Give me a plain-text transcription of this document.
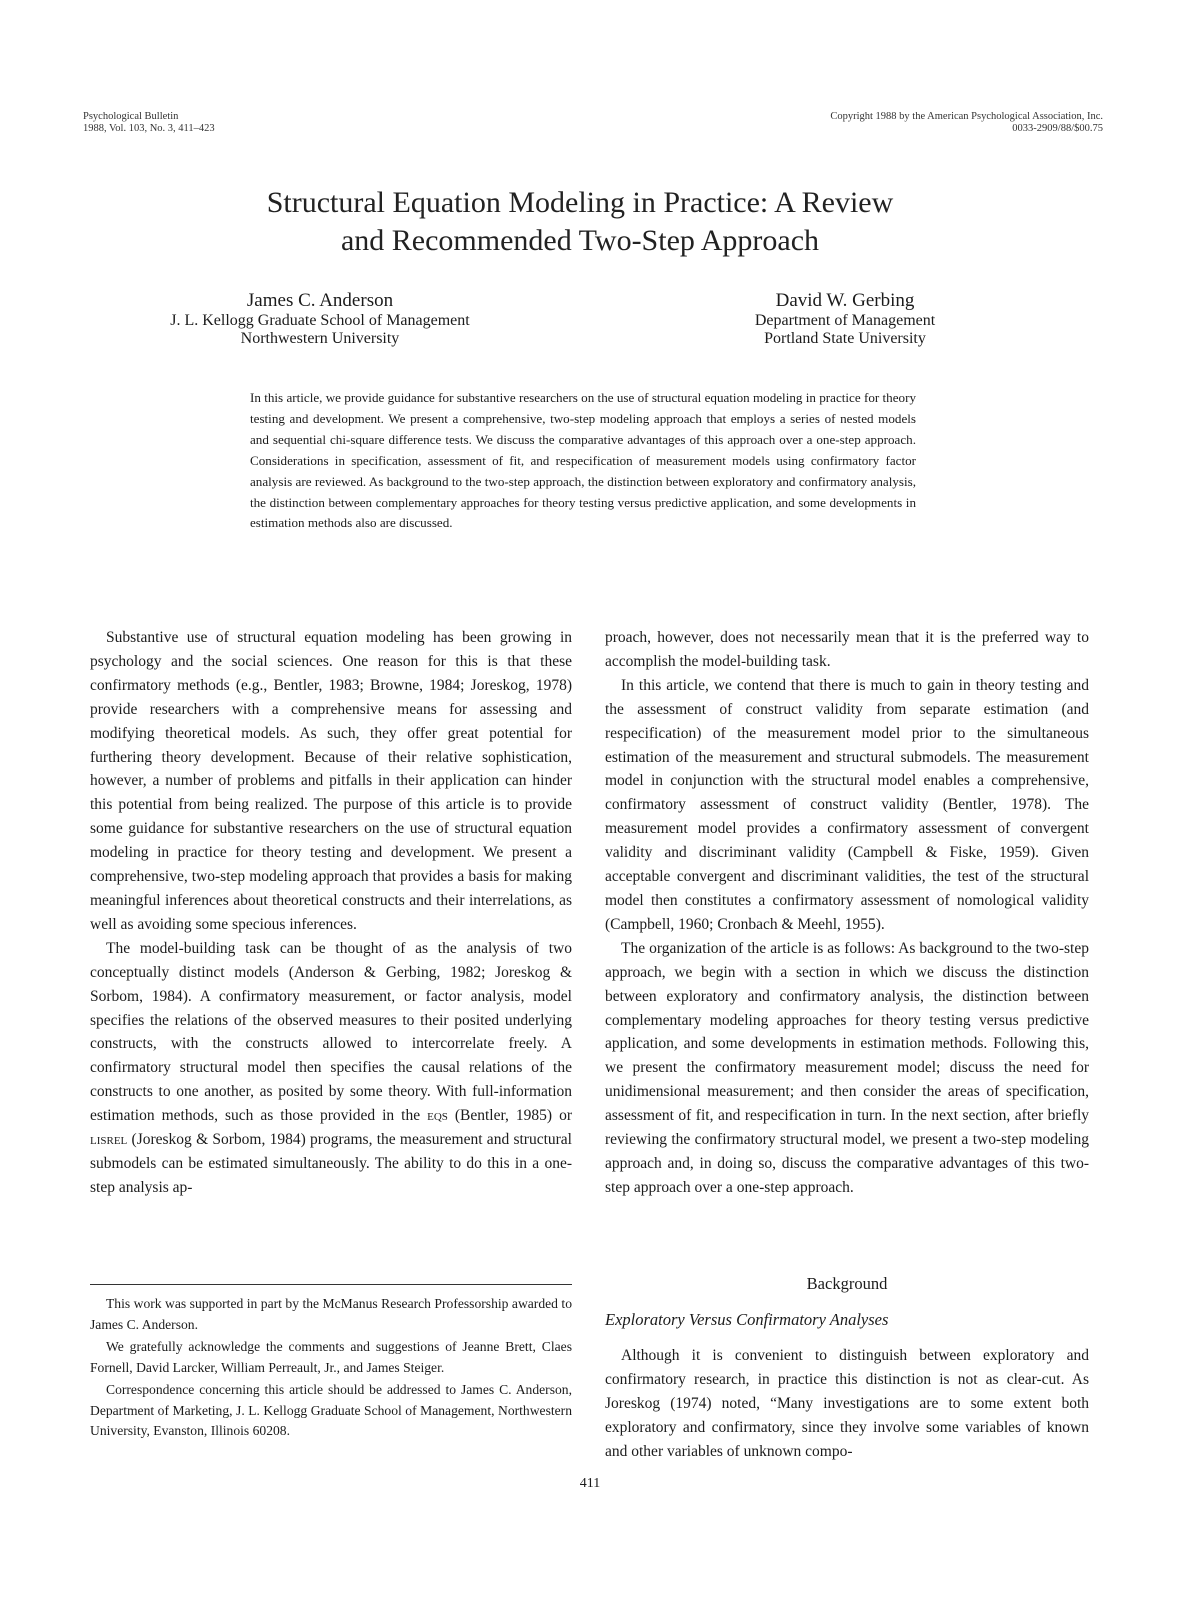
Psychological Bulletin
1988, Vol. 103, No. 3, 411–423
Copyright 1988 by the American Psychological Association, Inc.
0033-2909/88/$00.75
Structural Equation Modeling in Practice: A Review
and Recommended Two-Step Approach
James C. Anderson
J. L. Kellogg Graduate School of Management
Northwestern University
David W. Gerbing
Department of Management
Portland State University
In this article, we provide guidance for substantive researchers on the use of structural equation modeling in practice for theory testing and development. We present a comprehensive, two-step modeling approach that employs a series of nested models and sequential chi-square difference tests. We discuss the comparative advantages of this approach over a one-step approach. Considerations in specification, assessment of fit, and respecification of measurement models using confirmatory factor analysis are reviewed. As background to the two-step approach, the distinction between exploratory and confirmatory analysis, the distinction between complementary approaches for theory testing versus predictive application, and some developments in estimation methods also are discussed.

Substantive use of structural equation modeling has been growing in psychology and the social sciences. One reason for this is that these confirmatory methods (e.g., Bentler, 1983; Browne, 1984; Joreskog, 1978) provide researchers with a comprehensive means for assessing and modifying theoretical models. As such, they offer great potential for furthering theory development. Because of their relative sophistication, however, a number of problems and pitfalls in their application can hinder this potential from being realized. The purpose of this article is to provide some guidance for substantive researchers on the use of structural equation modeling in practice for theory testing and development. We present a comprehensive, two-step modeling approach that provides a basis for making meaningful inferences about theoretical constructs and their interrelations, as well as avoiding some specious inferences.

The model-building task can be thought of as the analysis of two conceptually distinct models (Anderson & Gerbing, 1982; Joreskog & Sorbom, 1984). A confirmatory measurement, or factor analysis, model specifies the relations of the observed measures to their posited underlying constructs, with the constructs allowed to intercorrelate freely. A confirmatory structural model then specifies the causal relations of the constructs to one another, as posited by some theory. With full-information estimation methods, such as those provided in the eqs (Bentler, 1985) or lisrel (Joreskog & Sorbom, 1984) programs, the measurement and structural submodels can be estimated simultaneously. The ability to do this in a one-step analysis ap-

proach, however, does not necessarily mean that it is the preferred way to accomplish the model-building task.

In this article, we contend that there is much to gain in theory testing and the assessment of construct validity from separate estimation (and respecification) of the measurement model prior to the simultaneous estimation of the measurement and structural submodels. The measurement model in conjunction with the structural model enables a comprehensive, confirmatory assessment of construct validity (Bentler, 1978). The measurement model provides a confirmatory assessment of convergent validity and discriminant validity (Campbell & Fiske, 1959). Given acceptable convergent and discriminant validities, the test of the structural model then constitutes a confirmatory assessment of nomological validity (Campbell, 1960; Cronbach & Meehl, 1955).

The organization of the article is as follows: As background to the two-step approach, we begin with a section in which we discuss the distinction between exploratory and confirmatory analysis, the distinction between complementary modeling approaches for theory testing versus predictive application, and some developments in estimation methods. Following this, we present the confirmatory measurement model; discuss the need for unidimensional measurement; and then consider the areas of specification, assessment of fit, and respecification in turn. In the next section, after briefly reviewing the confirmatory structural model, we present a two-step modeling approach and, in doing so, discuss the comparative advantages of this two-step approach over a one-step approach.

Background
Exploratory Versus Confirmatory Analyses

Although it is convenient to distinguish between exploratory and confirmatory research, in practice this distinction is not as clear-cut. As Joreskog (1974) noted, “Many investigations are to some extent both exploratory and confirmatory, since they involve some variables of known and other variables of unknown compo-

This work was supported in part by the McManus Research Professorship awarded to James C. Anderson.

We gratefully acknowledge the comments and suggestions of Jeanne Brett, Claes Fornell, David Larcker, William Perreault, Jr., and James Steiger.

Correspondence concerning this article should be addressed to James C. Anderson, Department of Marketing, J. L. Kellogg Graduate School of Management, Northwestern University, Evanston, Illinois 60208.

411
